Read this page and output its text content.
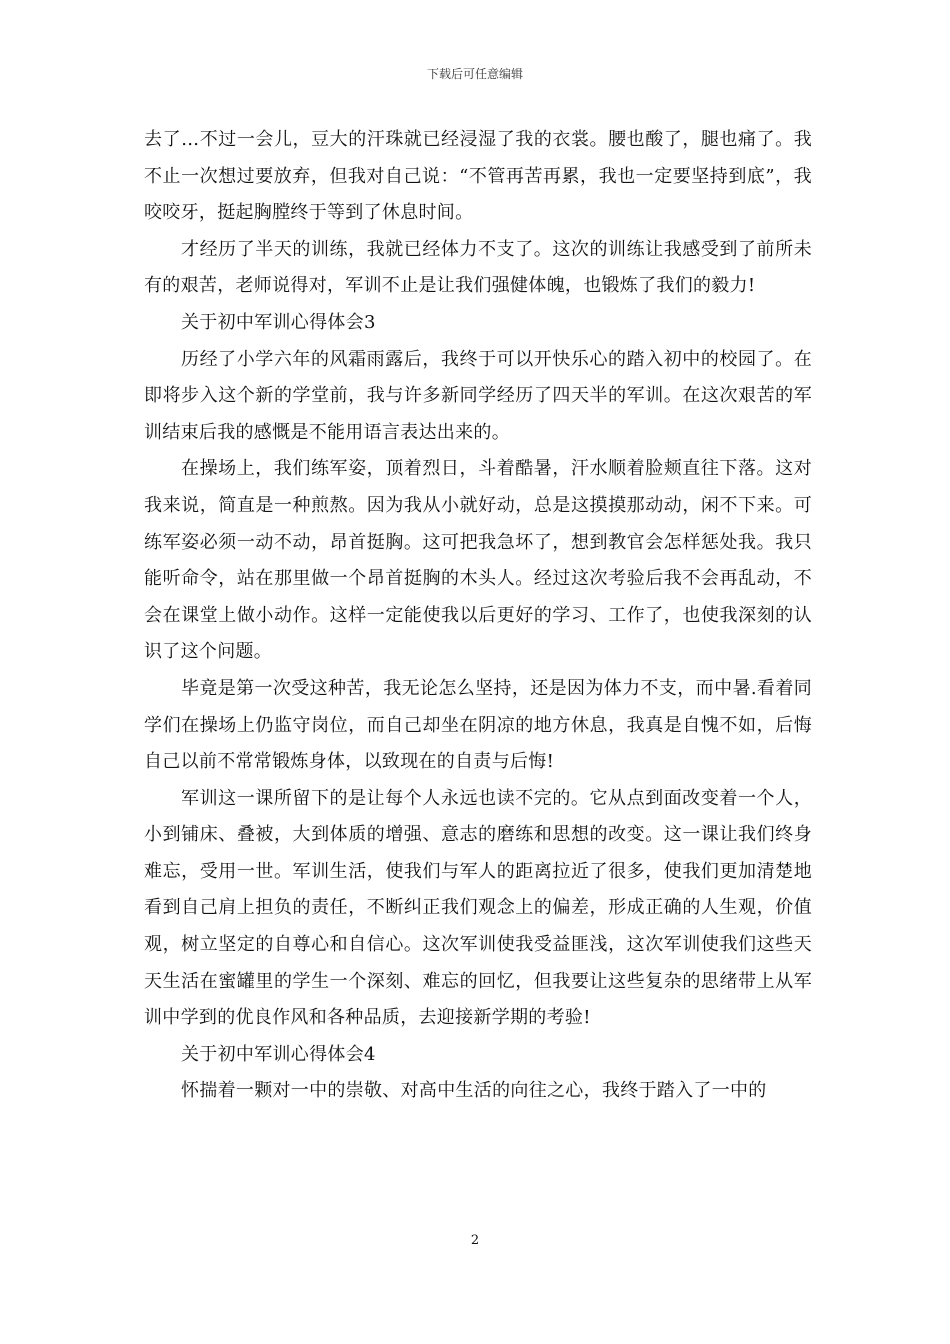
下载后可任意编辑

去了…不过一会儿，豆大的汗珠就已经浸湿了我的衣裳。腰也酸了，腿也痛了。我不止一次想过要放弃，但我对自己说：“不管再苦再累，我也一定要坚持到底”，我咬咬牙，挺起胸膛终于等到了休息时间。

才经历了半天的训练，我就已经体力不支了。这次的训练让我感受到了前所未有的艰苦，老师说得对，军训不止是让我们强健体魄，也锻炼了我们的毅力!

关于初中军训心得体会3

历经了小学六年的风霜雨露后，我终于可以开快乐心的踏入初中的校园了。在即将步入这个新的学堂前，我与许多新同学经历了四天半的军训。在这次艰苦的军训结束后我的感慨是不能用语言表达出来的。

在操场上，我们练军姿，顶着烈日，斗着酷暑，汗水顺着脸颊直往下落。这对我来说，简直是一种煎熬。因为我从小就好动，总是这摸摸那动动，闲不下来。可练军姿必须一动不动，昂首挺胸。这可把我急坏了，想到教官会怎样惩处我。我只能听命令，站在那里做一个昂首挺胸的木头人。经过这次考验后我不会再乱动，不会在课堂上做小动作。这样一定能使我以后更好的学习、工作了，也使我深刻的认识了这个问题。

毕竟是第一次受这种苦，我无论怎么坚持，还是因为体力不支，而中暑.看着同学们在操场上仍监守岗位，而自己却坐在阴凉的地方休息，我真是自愧不如，后悔自己以前不常常锻炼身体，以致现在的自责与后悔!

军训这一课所留下的是让每个人永远也读不完的。它从点到面改变着一个人，小到铺床、叠被，大到体质的增强、意志的磨练和思想的改变。这一课让我们终身难忘，受用一世。军训生活，使我们与军人的距离拉近了很多，使我们更加清楚地看到自己肩上担负的责任，不断纠正我们观念上的偏差，形成正确的人生观，价值观，树立坚定的自尊心和自信心。这次军训使我受益匪浅，这次军训使我们这些天天生活在蜜罐里的学生一个深刻、难忘的回忆，但我要让这些复杂的思绪带上从军训中学到的优良作风和各种品质，去迎接新学期的考验!

关于初中军训心得体会4

怀揣着一颗对一中的崇敬、对高中生活的向往之心，我终于踏入了一中的

2
